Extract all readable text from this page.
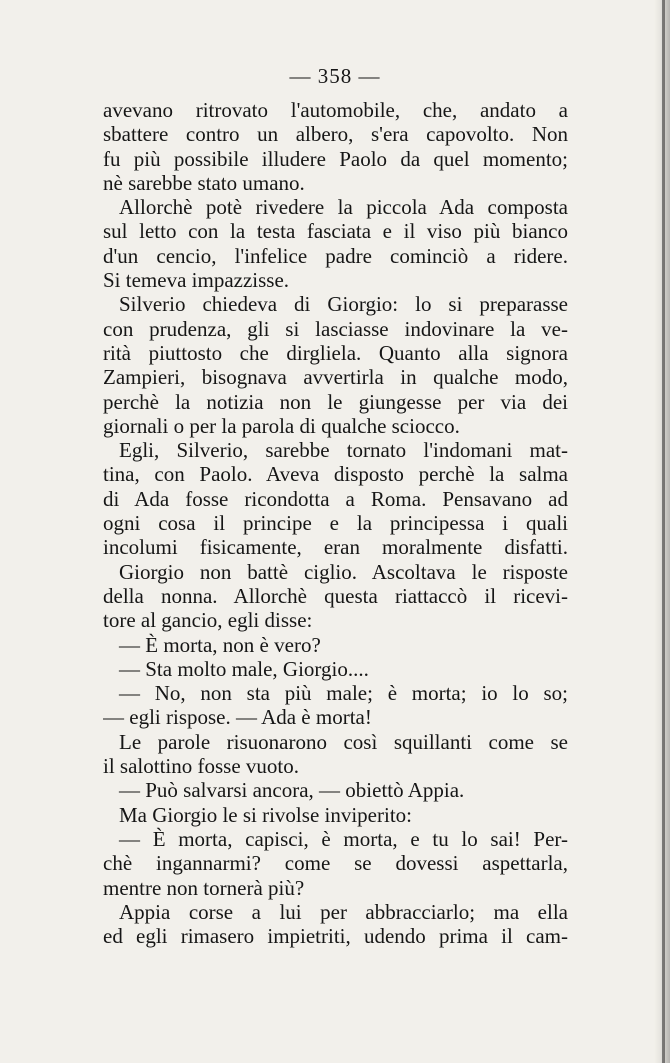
— 358 —
avevano ritrovato l'automobile, che, andato a
sbattere contro un albero, s'era capovolto. Non
fu più possibile illudere Paolo da quel momento;
nè sarebbe stato umano.
Allorchè potè rivedere la piccola Ada composta
sul letto con la testa fasciata e il viso più bianco
d'un cencio, l'infelice padre cominciò a ridere.
Si temeva impazzisse.
Silverio chiedeva di Giorgio: lo si preparasse
con prudenza, gli si lasciasse indovinare la ve-
rità piuttosto che dirgliela. Quanto alla signora
Zampieri, bisognava avvertirla in qualche modo,
perchè la notizia non le giungesse per via dei
giornali o per la parola di qualche sciocco.
Egli, Silverio, sarebbe tornato l'indomani mat-
tina, con Paolo. Aveva disposto perchè la salma
di Ada fosse ricondotta a Roma. Pensavano ad
ogni cosa il principe e la principessa i quali
incolumi fisicamente, eran moralmente disfatti.
Giorgio non battè ciglio. Ascoltava le risposte
della nonna. Allorchè questa riattaccò il ricevi-
tore al gancio, egli disse:
— È morta, non è vero?
— Sta molto male, Giorgio....
— No, non sta più male; è morta; io lo so;
— egli rispose. — Ada è morta!
Le parole risuonarono così squillanti come se
il salottino fosse vuoto.
— Può salvarsi ancora, — obiettò Appia.
Ma Giorgio le si rivolse inviperito:
— È morta, capisci, è morta, e tu lo sai! Per-
chè ingannarmi? come se dovessi aspettarla,
mentre non tornerà più?
Appia corse a lui per abbracciarlo; ma ella
ed egli rimasero impietriti, udendo prima il cam-
